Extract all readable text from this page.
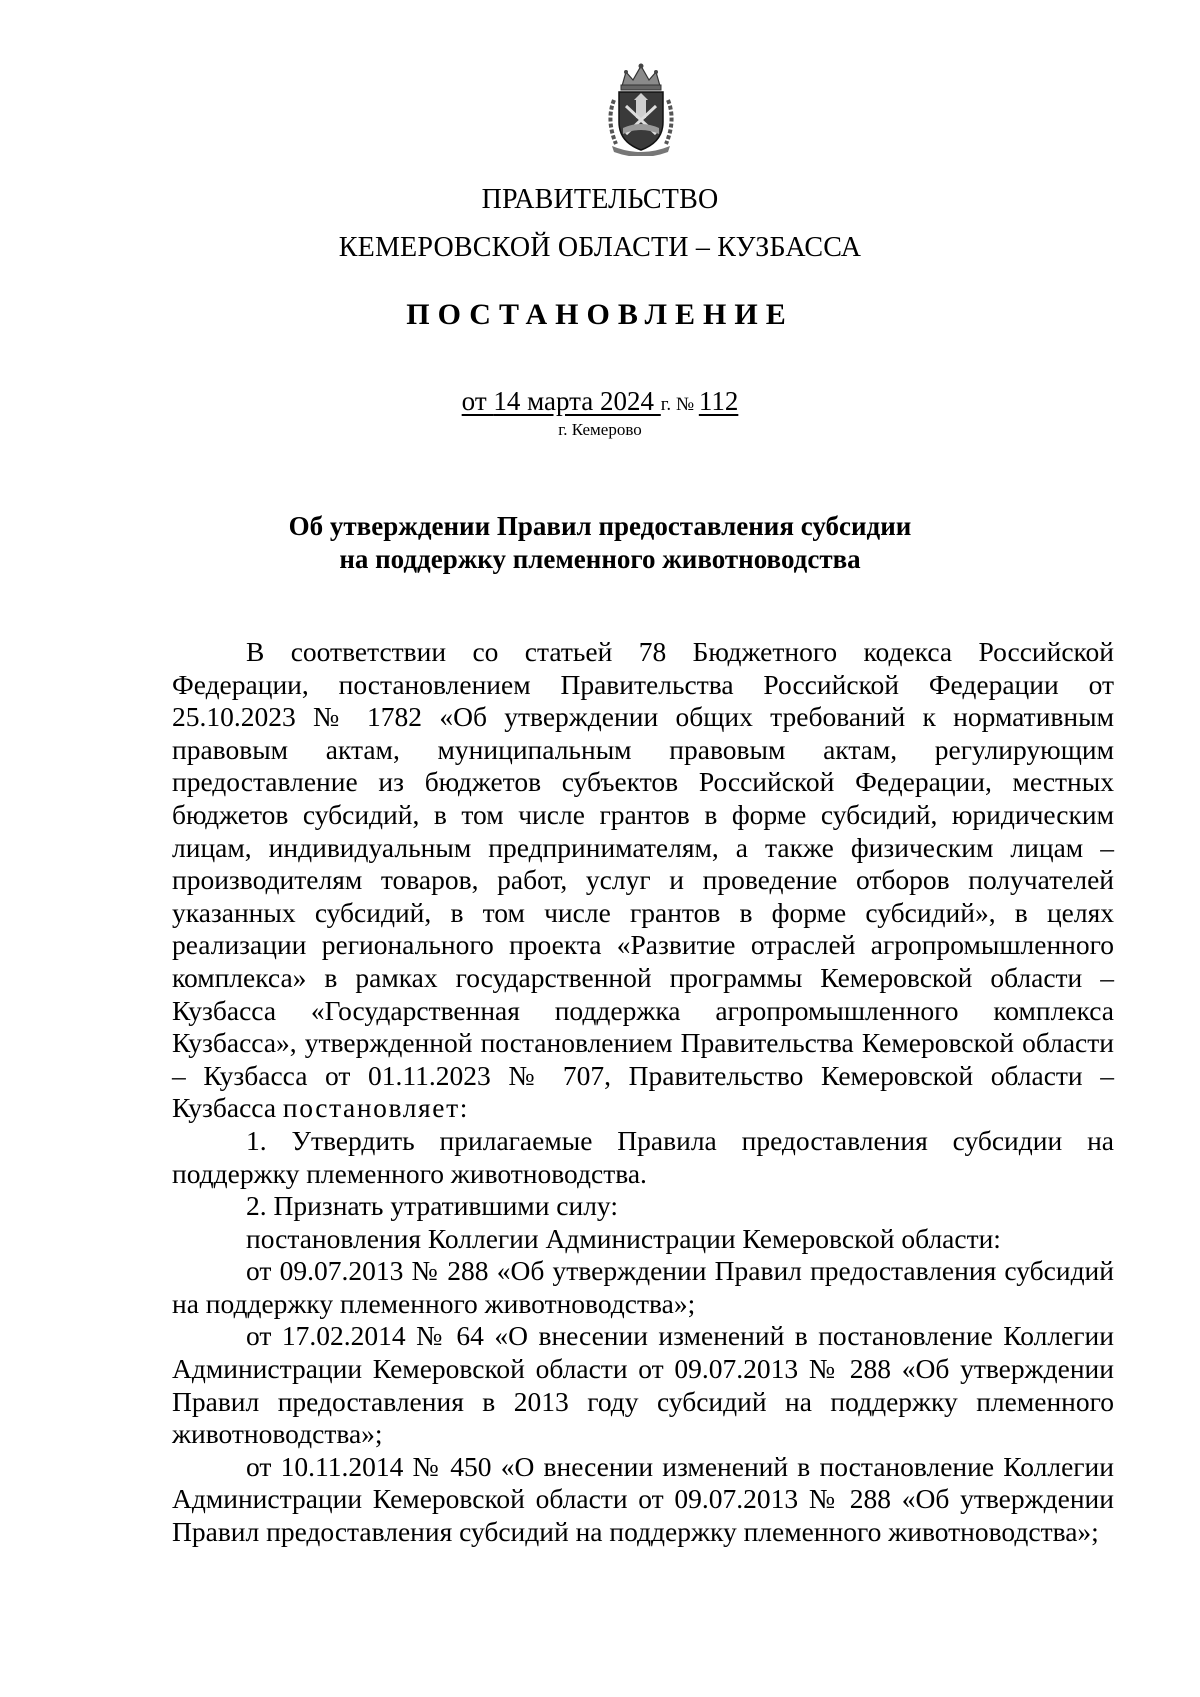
ПРАВИТЕЛЬСТВО
КЕМЕРОВСКОЙ ОБЛАСТИ – КУЗБАССА
ПОСТАНОВЛЕНИЕ
от 14 марта 2024 г. № 112
г. Кемерово
Об утверждении Правил предоставления субсидии
на поддержку племенного животноводства

В соответствии со статьей 78 Бюджетного кодекса Российской Федерации, постановлением Правительства Российской Федерации от 25.10.2023 № 1782 «Об утверждении общих требований к нормативным правовым актам, муниципальным правовым актам, регулирующим предоставление из бюджетов субъектов Российской Федерации, местных бюджетов субсидий, в том числе грантов в форме субсидий, юридическим лицам, индивидуальным предпринимателям, а также физическим лицам – производителям товаров, работ, услуг и проведение отборов получателей указанных субсидий, в том числе грантов в форме субсидий», в целях реализации регионального проекта «Развитие отраслей агропромышленного комплекса» в рамках государственной программы Кемеровской области – Кузбасса «Государственная поддержка агропромышленного комплекса Кузбасса», утвержденной постановлением Правительства Кемеровской области – Кузбасса от 01.11.2023 № 707, Правительство Кемеровской области – Кузбасса постановляет:

1. Утвердить прилагаемые Правила предоставления субсидии на поддержку племенного животноводства.

2. Признать утратившими силу:

постановления Коллегии Администрации Кемеровской области:

от 09.07.2013 № 288 «Об утверждении Правил предоставления субсидий на поддержку племенного животноводства»;

от 17.02.2014 № 64 «О внесении изменений в постановление Коллегии Администрации Кемеровской области от 09.07.2013 № 288 «Об утверждении Правил предоставления в 2013 году субсидий на поддержку племенного животноводства»;

от 10.11.2014 № 450 «О внесении изменений в постановление Коллегии Администрации Кемеровской области от 09.07.2013 № 288 «Об утверждении Правил предоставления субсидий на поддержку племенного животноводства»;
